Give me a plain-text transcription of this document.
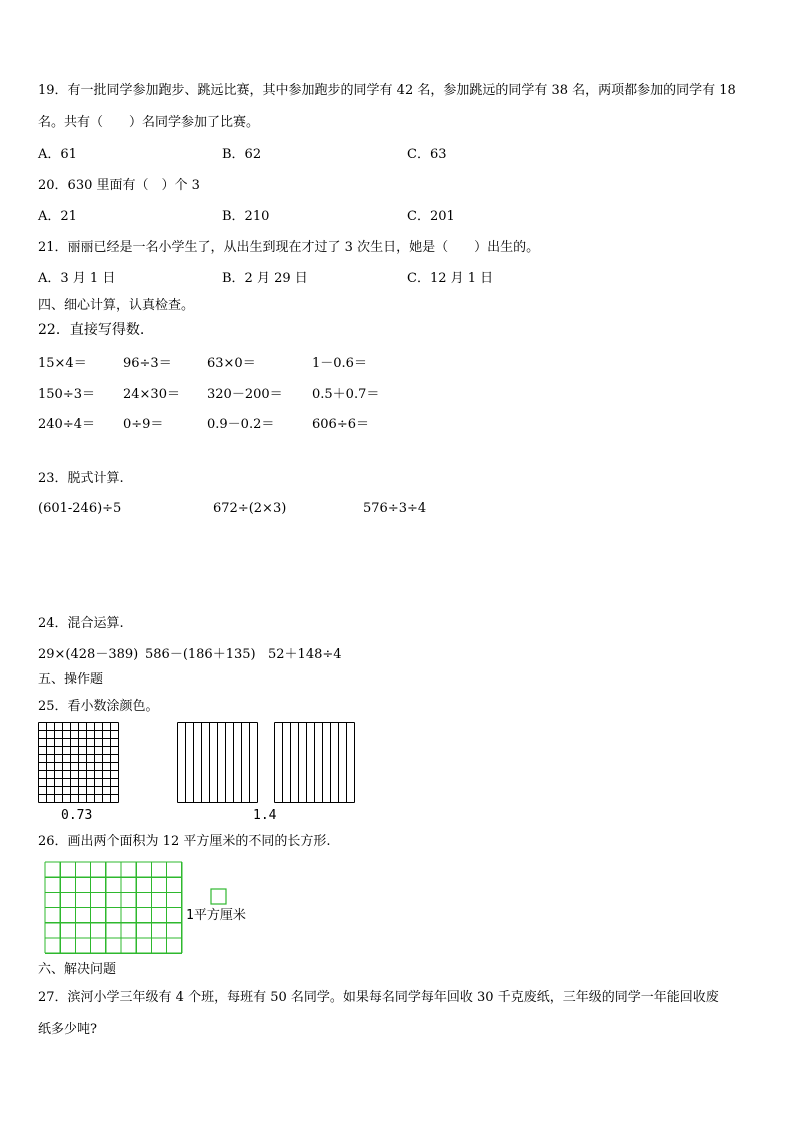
19．有一批同学参加跑步、跳远比赛，其中参加跑步的同学有 42 名，参加跳远的同学有 38 名，两项都参加的同学有 18
名。共有（　　）名同学参加了比赛。
A．61	B．62	C．63
20．630 里面有（　）个 3
A．21	B．210	C．201
21．丽丽已经是一名小学生了，从出生到现在才过了 3 次生日，她是（　　）出生的。
A．3 月 1 日	B．2 月 29 日	C．12 月 1 日
四、细心计算，认真检查。
22．直接写得数.
15×4＝	96÷3＝	63×0＝	1－0.6＝
150÷3＝ 24×30＝ 320－200＝ 0.5＋0.7＝
240÷4＝ 0÷9＝	0.9－0.2＝	606÷6＝
23．脱式计算.
(601-246)÷5	672÷(2×3)	576÷3÷4
24．混合运算.
29×(428－389) 586－(186＋135) 52＋148÷4
五、操作题
25．看小数涂颜色。
0.73	1.4
26．画出两个面积为 12 平方厘米的不同的长方形.
1平方厘米
六、解决问题
27．滨河小学三年级有 4 个班，每班有 50 名同学。如果每名同学每年回收 30 千克废纸，三年级的同学一年能回收废
纸多少吨?
